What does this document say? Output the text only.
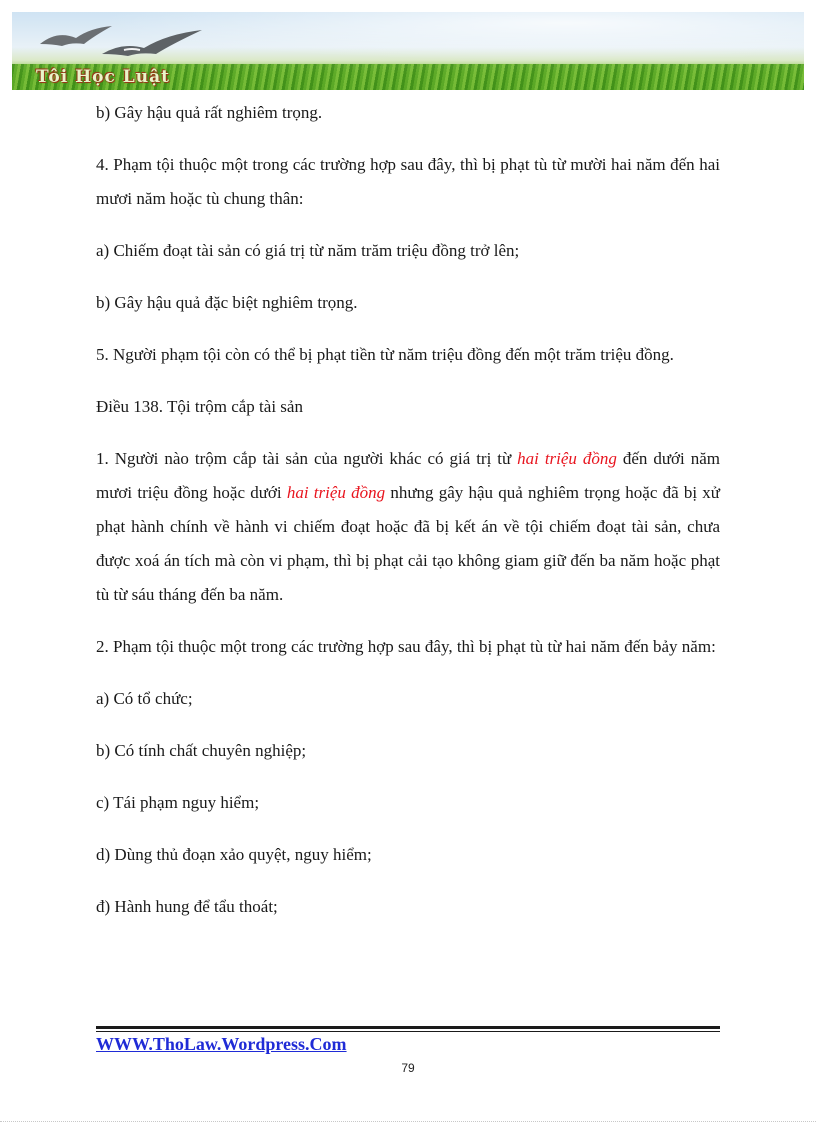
Tôi Học Luật

b) Gây hậu quả rất nghiêm trọng.

4. Phạm tội thuộc một trong các trường hợp sau đây, thì bị phạt tù từ mười hai năm đến hai mươi năm hoặc tù chung thân:

a) Chiếm đoạt tài sản có giá trị từ năm trăm triệu đồng trở lên;

b) Gây hậu quả đặc biệt nghiêm trọng.

5. Người phạm tội còn có thể bị phạt tiền từ năm triệu đồng đến một trăm triệu đồng.

Điều 138. Tội trộm cắp tài sản

1. Người nào trộm cắp tài sản của người khác có giá trị từ hai triệu đồng đến dưới năm mươi triệu đồng hoặc dưới hai triệu đồng nhưng gây hậu quả nghiêm trọng hoặc đã bị xử phạt hành chính về hành vi chiếm đoạt hoặc đã bị kết án về tội chiếm đoạt tài sản, chưa được xoá án tích mà còn vi phạm, thì bị phạt cải tạo không giam giữ đến ba năm hoặc phạt tù từ sáu tháng đến ba năm.

2. Phạm tội thuộc một trong các trường hợp sau đây, thì bị phạt tù từ hai năm đến bảy năm:

a) Có tổ chức;

b) Có tính chất chuyên nghiệp;

c) Tái phạm nguy hiểm;

d) Dùng thủ đoạn xảo quyệt, nguy hiểm;

đ) Hành hung để tẩu thoát;

WWW.ThoLaw.Wordpress.Com
79
